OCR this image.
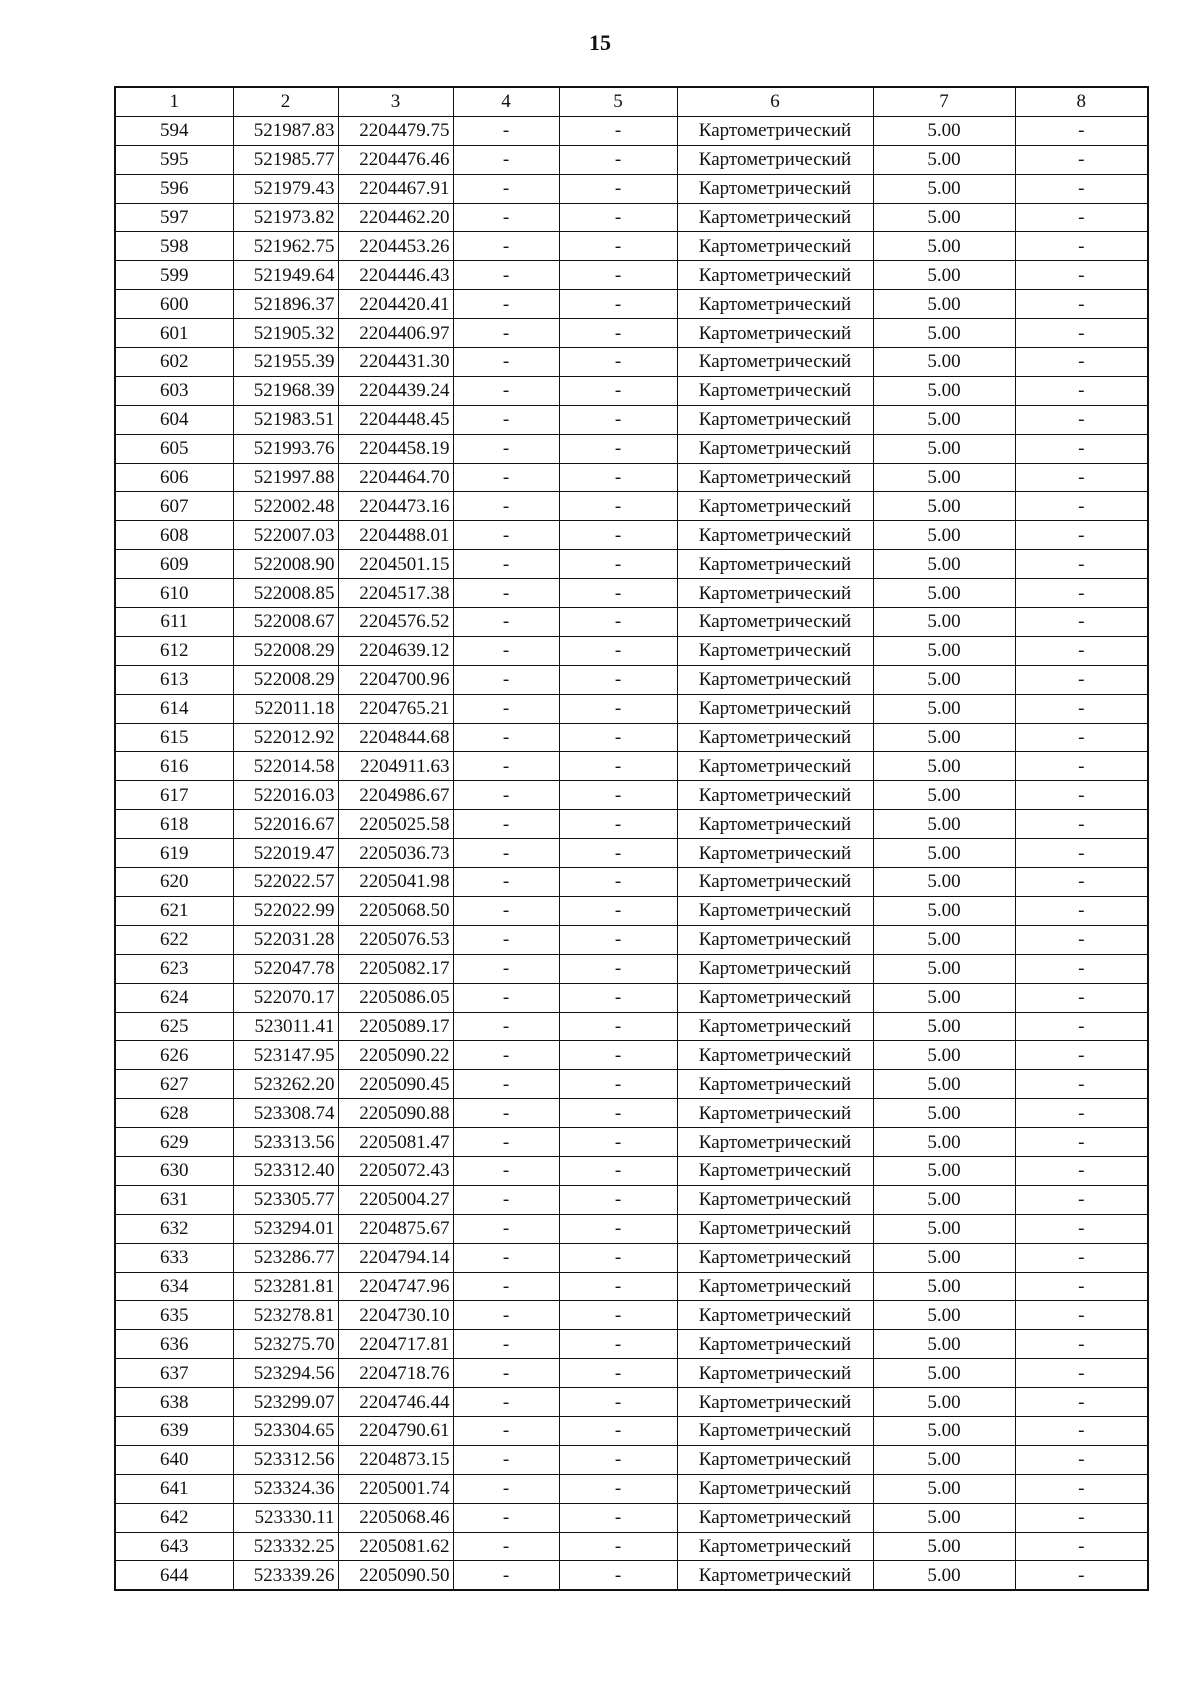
15
1	2	3	4	5	6	7	8
594	521987.83	2204479.75	-	-	Картометрический	5.00	-
595	521985.77	2204476.46	-	-	Картометрический	5.00	-
596	521979.43	2204467.91	-	-	Картометрический	5.00	-
597	521973.82	2204462.20	-	-	Картометрический	5.00	-
598	521962.75	2204453.26	-	-	Картометрический	5.00	-
599	521949.64	2204446.43	-	-	Картометрический	5.00	-
600	521896.37	2204420.41	-	-	Картометрический	5.00	-
601	521905.32	2204406.97	-	-	Картометрический	5.00	-
602	521955.39	2204431.30	-	-	Картометрический	5.00	-
603	521968.39	2204439.24	-	-	Картометрический	5.00	-
604	521983.51	2204448.45	-	-	Картометрический	5.00	-
605	521993.76	2204458.19	-	-	Картометрический	5.00	-
606	521997.88	2204464.70	-	-	Картометрический	5.00	-
607	522002.48	2204473.16	-	-	Картометрический	5.00	-
608	522007.03	2204488.01	-	-	Картометрический	5.00	-
609	522008.90	2204501.15	-	-	Картометрический	5.00	-
610	522008.85	2204517.38	-	-	Картометрический	5.00	-
611	522008.67	2204576.52	-	-	Картометрический	5.00	-
612	522008.29	2204639.12	-	-	Картометрический	5.00	-
613	522008.29	2204700.96	-	-	Картометрический	5.00	-
614	522011.18	2204765.21	-	-	Картометрический	5.00	-
615	522012.92	2204844.68	-	-	Картометрический	5.00	-
616	522014.58	2204911.63	-	-	Картометрический	5.00	-
617	522016.03	2204986.67	-	-	Картометрический	5.00	-
618	522016.67	2205025.58	-	-	Картометрический	5.00	-
619	522019.47	2205036.73	-	-	Картометрический	5.00	-
620	522022.57	2205041.98	-	-	Картометрический	5.00	-
621	522022.99	2205068.50	-	-	Картометрический	5.00	-
622	522031.28	2205076.53	-	-	Картометрический	5.00	-
623	522047.78	2205082.17	-	-	Картометрический	5.00	-
624	522070.17	2205086.05	-	-	Картометрический	5.00	-
625	523011.41	2205089.17	-	-	Картометрический	5.00	-
626	523147.95	2205090.22	-	-	Картометрический	5.00	-
627	523262.20	2205090.45	-	-	Картометрический	5.00	-
628	523308.74	2205090.88	-	-	Картометрический	5.00	-
629	523313.56	2205081.47	-	-	Картометрический	5.00	-
630	523312.40	2205072.43	-	-	Картометрический	5.00	-
631	523305.77	2205004.27	-	-	Картометрический	5.00	-
632	523294.01	2204875.67	-	-	Картометрический	5.00	-
633	523286.77	2204794.14	-	-	Картометрический	5.00	-
634	523281.81	2204747.96	-	-	Картометрический	5.00	-
635	523278.81	2204730.10	-	-	Картометрический	5.00	-
636	523275.70	2204717.81	-	-	Картометрический	5.00	-
637	523294.56	2204718.76	-	-	Картометрический	5.00	-
638	523299.07	2204746.44	-	-	Картометрический	5.00	-
639	523304.65	2204790.61	-	-	Картометрический	5.00	-
640	523312.56	2204873.15	-	-	Картометрический	5.00	-
641	523324.36	2205001.74	-	-	Картометрический	5.00	-
642	523330.11	2205068.46	-	-	Картометрический	5.00	-
643	523332.25	2205081.62	-	-	Картометрический	5.00	-
644	523339.26	2205090.50	-	-	Картометрический	5.00	-
